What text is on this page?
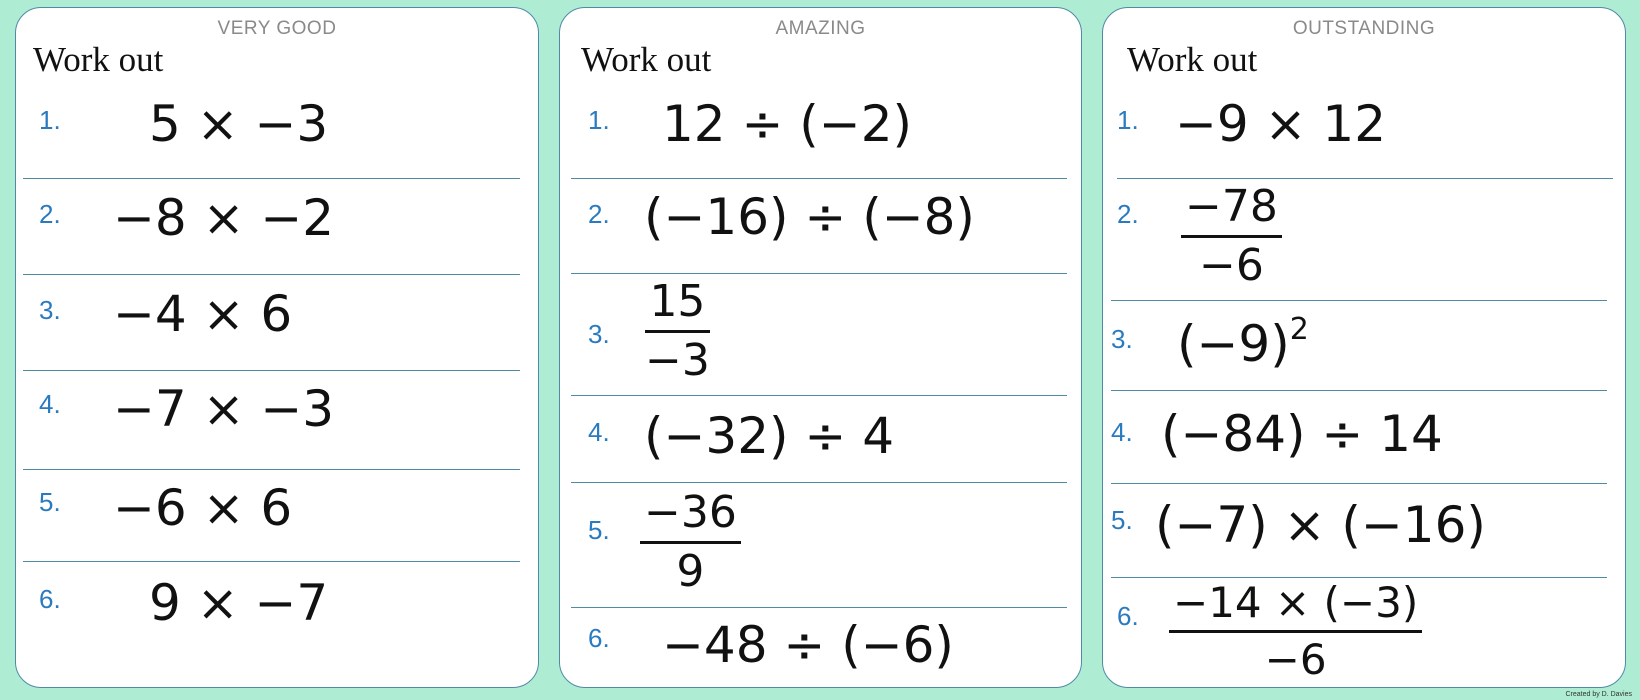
VERY GOOD
Work out
1. 5 × −3
2. −8 × −2
3. −4 × 6
4. −7 × −3
5. −6 × 6
6. 9 × −7
AMAZING
Work out
1. 12 ÷ (−2)
2. (−16) ÷ (−8)
3.
15
−3
4. (−32) ÷ 4
5. −36
9
6. −48 ÷ (−6)
OUTSTANDING
Work out
1. −9 × 12
2. −78
−6
3. $(-9)^2$
4. (−84) ÷ 14
5. (−7) × (−16)
6. −14 × (−3)
−6
Created by D. Davies
